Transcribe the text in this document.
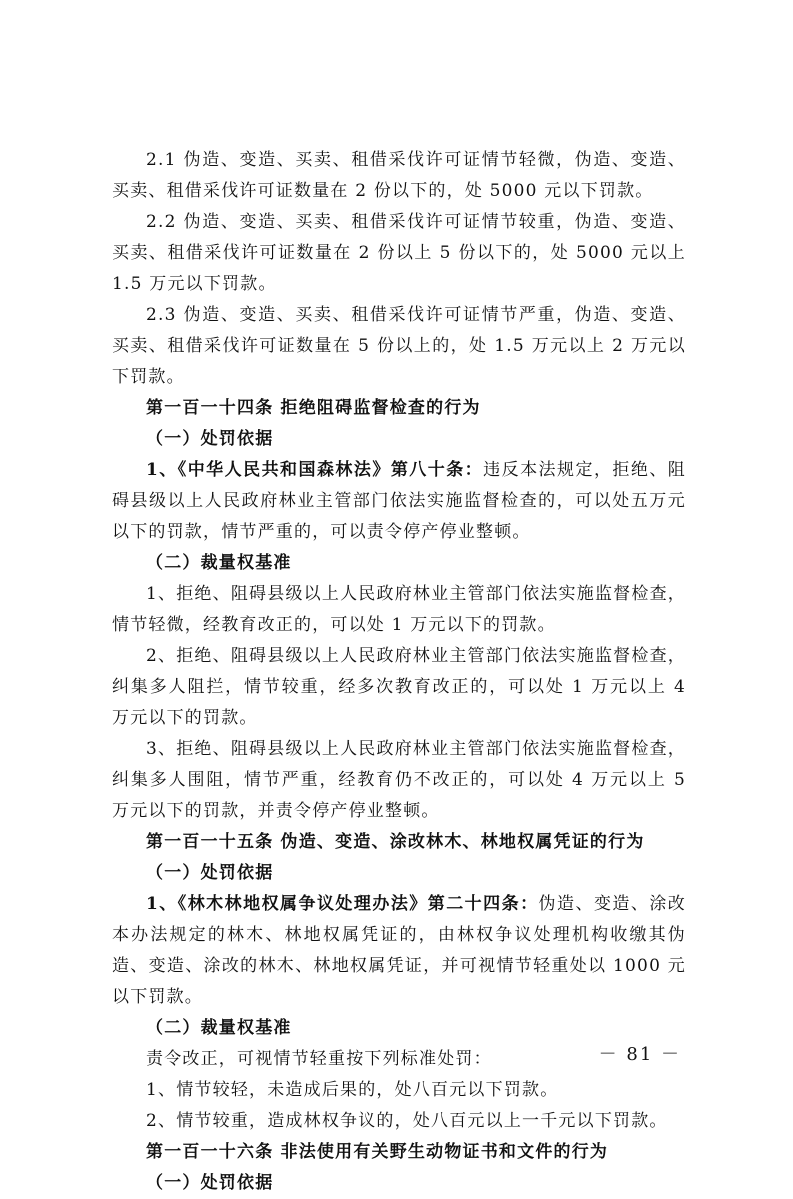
2.1 伪造、变造、买卖、租借采伐许可证情节轻微，伪造、变造、买卖、租借采伐许可证数量在 2 份以下的，处 5000 元以下罚款。

2.2 伪造、变造、买卖、租借采伐许可证情节较重，伪造、变造、买卖、租借采伐许可证数量在 2 份以上 5 份以下的，处 5000 元以上 1.5 万元以下罚款。

2.3 伪造、变造、买卖、租借采伐许可证情节严重，伪造、变造、买卖、租借采伐许可证数量在 5 份以上的，处 1.5 万元以上 2 万元以下罚款。

第一百一十四条 拒绝阻碍监督检查的行为

（一）处罚依据

1、《中华人民共和国森林法》第八十条：违反本法规定，拒绝、阻碍县级以上人民政府林业主管部门依法实施监督检查的，可以处五万元以下的罚款，情节严重的，可以责令停产停业整顿。

（二）裁量权基准

1、拒绝、阻碍县级以上人民政府林业主管部门依法实施监督检查，情节轻微，经教育改正的，可以处 1 万元以下的罚款。

2、拒绝、阻碍县级以上人民政府林业主管部门依法实施监督检查，纠集多人阻拦，情节较重，经多次教育改正的，可以处 1 万元以上 4 万元以下的罚款。

3、拒绝、阻碍县级以上人民政府林业主管部门依法实施监督检查，纠集多人围阻，情节严重，经教育仍不改正的，可以处 4 万元以上 5 万元以下的罚款，并责令停产停业整顿。

第一百一十五条 伪造、变造、涂改林木、林地权属凭证的行为

（一）处罚依据

1、《林木林地权属争议处理办法》第二十四条：伪造、变造、涂改本办法规定的林木、林地权属凭证的，由林权争议处理机构收缴其伪造、变造、涂改的林木、林地权属凭证，并可视情节轻重处以 1000 元以下罚款。

（二）裁量权基准

责令改正，可视情节轻重按下列标准处罚：

1、情节较轻，未造成后果的，处八百元以下罚款。

2、情节较重，造成林权争议的，处八百元以上一千元以下罚款。

第一百一十六条 非法使用有关野生动物证书和文件的行为

（一）处罚依据

－ 81 －
